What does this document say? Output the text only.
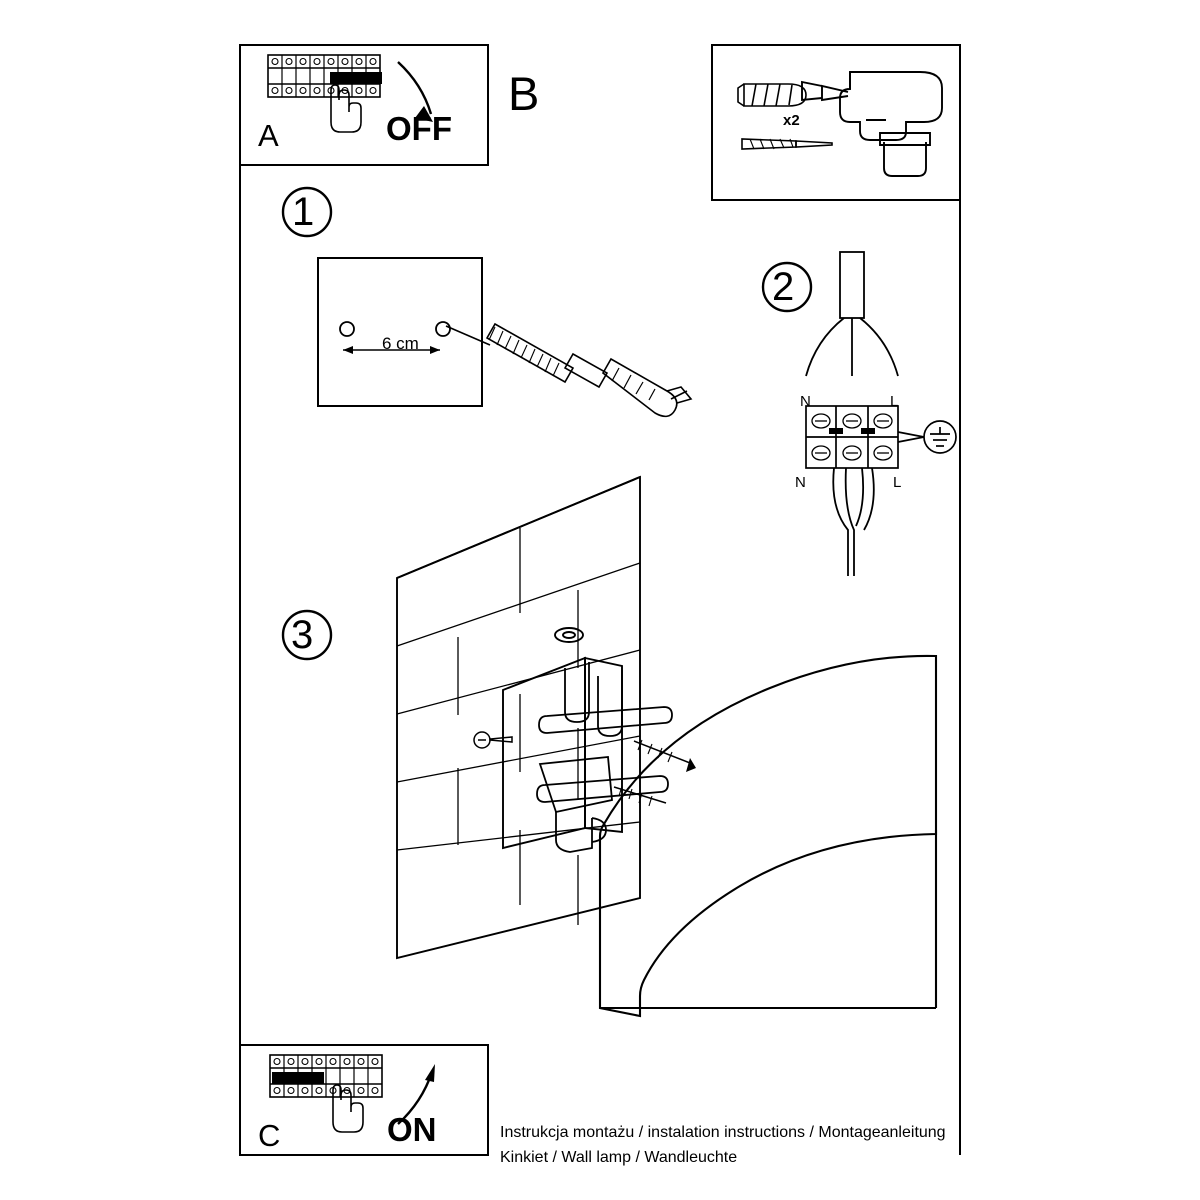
A	OFF
B
x2
1
2
3
6 cm
N	L
N	L
C	ON	Instrukcja montażu / instalation instructions / Montageanleitung
Kinkiet / Wall lamp / Wandleuchte
